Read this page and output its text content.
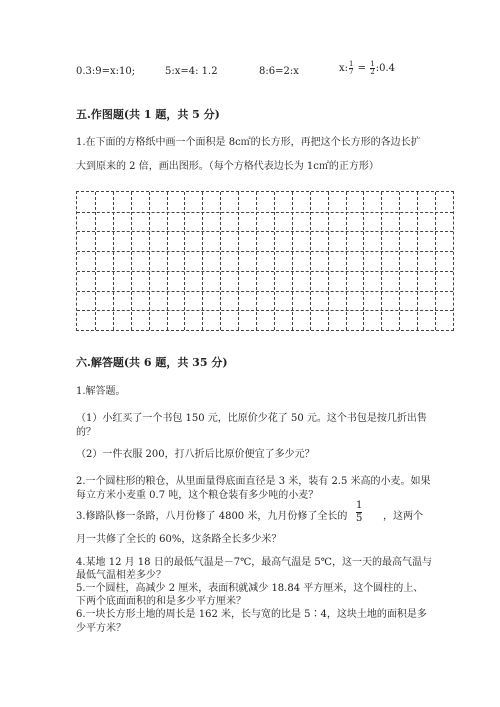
0.3:9=x:10;	5:x=4: 1.2	8:6=2:x	x: $\frac{1}{7} = \frac{1}{2}$ :0.4
五.作图题(共 1 题，共 5 分)
1.在下面的方格纸中画一个面积是 8c㎡的长方形，再把这个长方形的各边长扩
大到原来的 2 倍，画出图形。（每个方格代表边长为 1c㎡的正方形）
六.解答题(共 6 题，共 35 分)
1.解答题。
（1）小红买了一个书包 150 元，比原价少花了 50 元。这个书包是按几折出售
的？
（2）一件衣服 200，打八折后比原价便宜了多少元？
2.一个圆柱形的粮仓，从里面量得底面直径是 3 米，装有 2.5 米高的小麦。如果
每立方米小麦重 0.7 吨，这个粮仓装有多少吨的小麦？
3.修路队修一条路，八月份修了 4800 米，九月份修了全长的 $\frac{1}{5}$ ，这两个
月一共修了全长的 60%，这条路全长多少米？
4.某地 12 月 18 日的最低气温是－7℃，最高气温是 5℃，这一天的最高气温与
最低气温相差多少？
5.一个圆柱，高减少 2 厘米，表面积就减少 18.84 平方厘米，这个圆柱的上、
下两个底面面积的和是多少平方厘米？
6.一块长方形土地的周长是 162 米，长与宽的比是 5∶4，这块土地的面积是多
少平方米？
